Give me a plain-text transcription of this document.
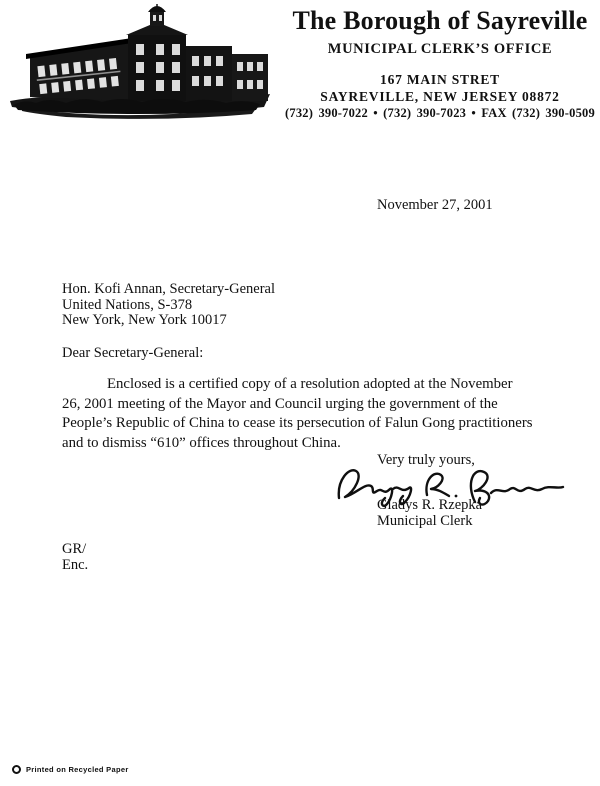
The Borough of Sayreville
MUNICIPAL CLERK’S OFFICE
167 MAIN STRET
SAYREVILLE, NEW JERSEY 08872
(732) 390-7022 • (732) 390-7023 • FAX (732) 390-0509
November 27, 2001
Hon. Kofi Annan, Secretary-General
United Nations, S-378
New York, New York 10017
Dear Secretary-General:
Enclosed is a certified copy of a resolution adopted at the November 26, 2001 meeting of the Mayor and Council urging the government of the People’s Republic of China to cease its persecution of Falun Gong practitioners and to dismiss “610” offices throughout China.
Very truly yours,
Gladys R. Rzepka
Municipal Clerk
GR/
Enc.
Printed on Recycled Paper
